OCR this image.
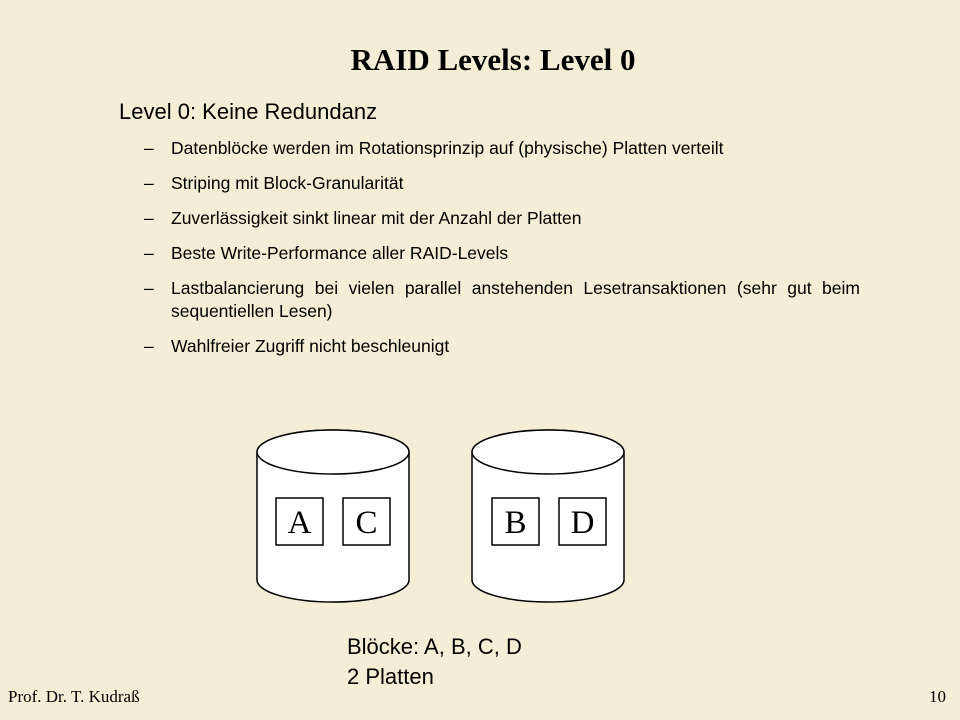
RAID Levels: Level 0
Level 0: Keine Redundanz
– Datenblöcke werden im Rotationsprinzip auf (physische) Platten verteilt
– Striping mit Block-Granularität
– Zuverlässigkeit sinkt linear mit der Anzahl der Platten
– Beste Write-Performance aller RAID-Levels
– Lastbalancierung bei vielen parallel anstehenden Lesetransaktionen (sehr gut beim sequentiellen Lesen)
– Wahlfreier Zugriff nicht beschleunigt
A C	B D
Blöcke: A, B, C, D
2 Platten
Prof. Dr. T. Kudraß	10
